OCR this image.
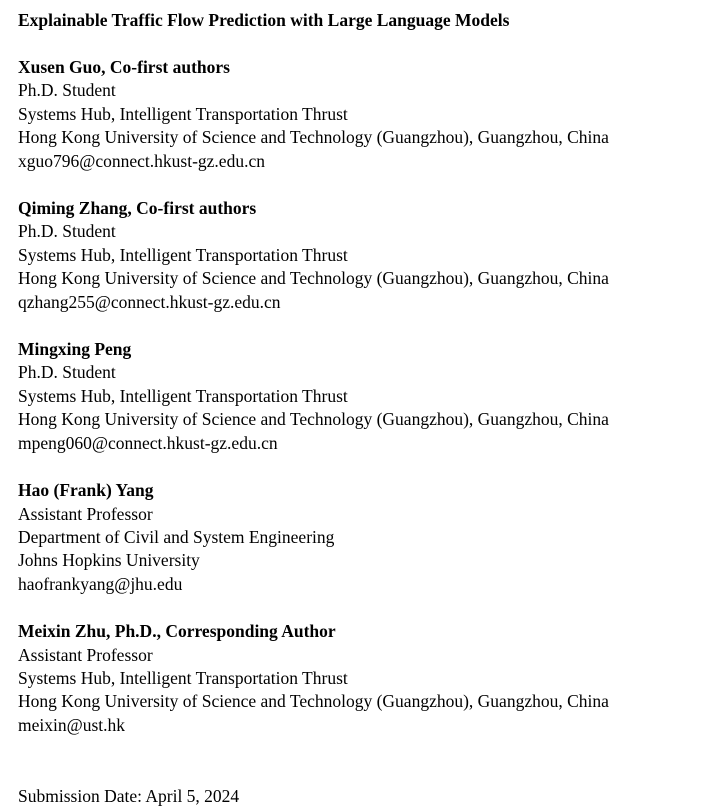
Explainable Traffic Flow Prediction with Large Language Models
Xusen Guo, Co-first authors
Ph.D. Student
Systems Hub, Intelligent Transportation Thrust
Hong Kong University of Science and Technology (Guangzhou), Guangzhou, China
xguo796@connect.hkust-gz.edu.cn
Qiming Zhang, Co-first authors
Ph.D. Student
Systems Hub, Intelligent Transportation Thrust
Hong Kong University of Science and Technology (Guangzhou), Guangzhou, China
qzhang255@connect.hkust-gz.edu.cn
Mingxing Peng
Ph.D. Student
Systems Hub, Intelligent Transportation Thrust
Hong Kong University of Science and Technology (Guangzhou), Guangzhou, China
mpeng060@connect.hkust-gz.edu.cn
Hao (Frank) Yang
Assistant Professor
Department of Civil and System Engineering
Johns Hopkins University
haofrankyang@jhu.edu
Meixin Zhu, Ph.D., Corresponding Author
Assistant Professor
Systems Hub, Intelligent Transportation Thrust
Hong Kong University of Science and Technology (Guangzhou), Guangzhou, China
meixin@ust.hk
Submission Date: April 5, 2024
